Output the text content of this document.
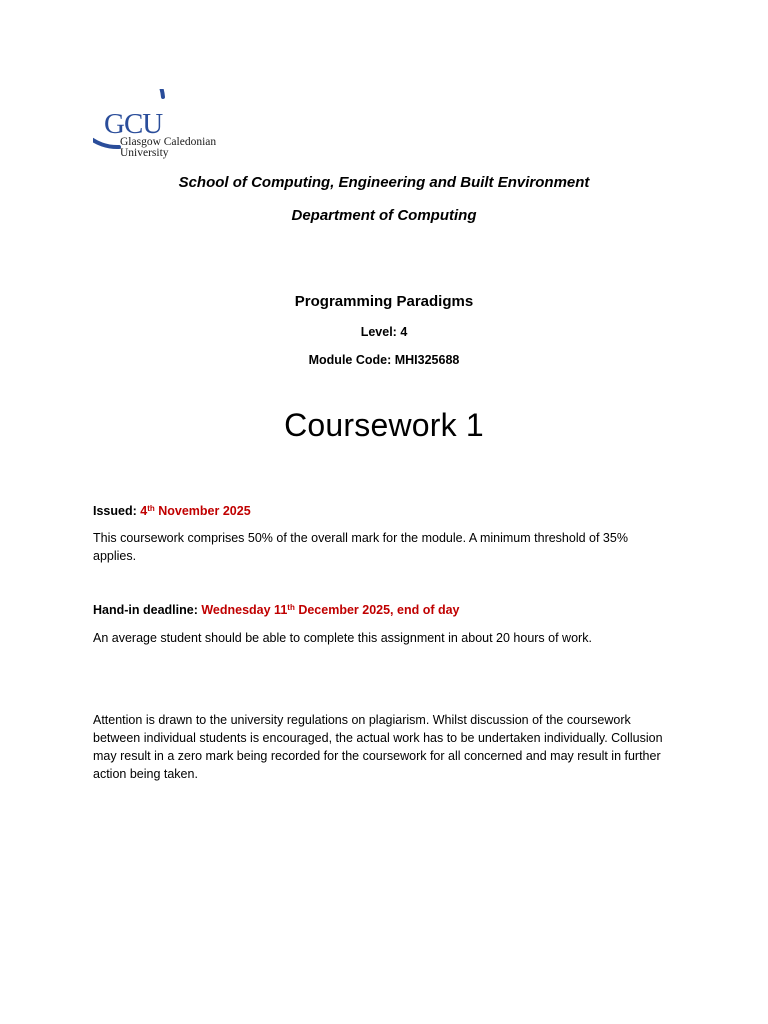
GCU
Glasgow Caledonian
University
School of Computing, Engineering and Built Environment
Department of Computing
Programming Paradigms
Level: 4
Module Code: MHI325688
Coursework 1
Issued: 4th November 2025
This coursework comprises 50% of the overall mark for the module. A minimum threshold of 35% applies.
Hand-in deadline: Wednesday 11th December 2025, end of day
An average student should be able to complete this assignment in about 20 hours of work.
Attention is drawn to the university regulations on plagiarism. Whilst discussion of the coursework between individual students is encouraged, the actual work has to be undertaken individually. Collusion may result in a zero mark being recorded for the coursework for all concerned and may result in further action being taken.
